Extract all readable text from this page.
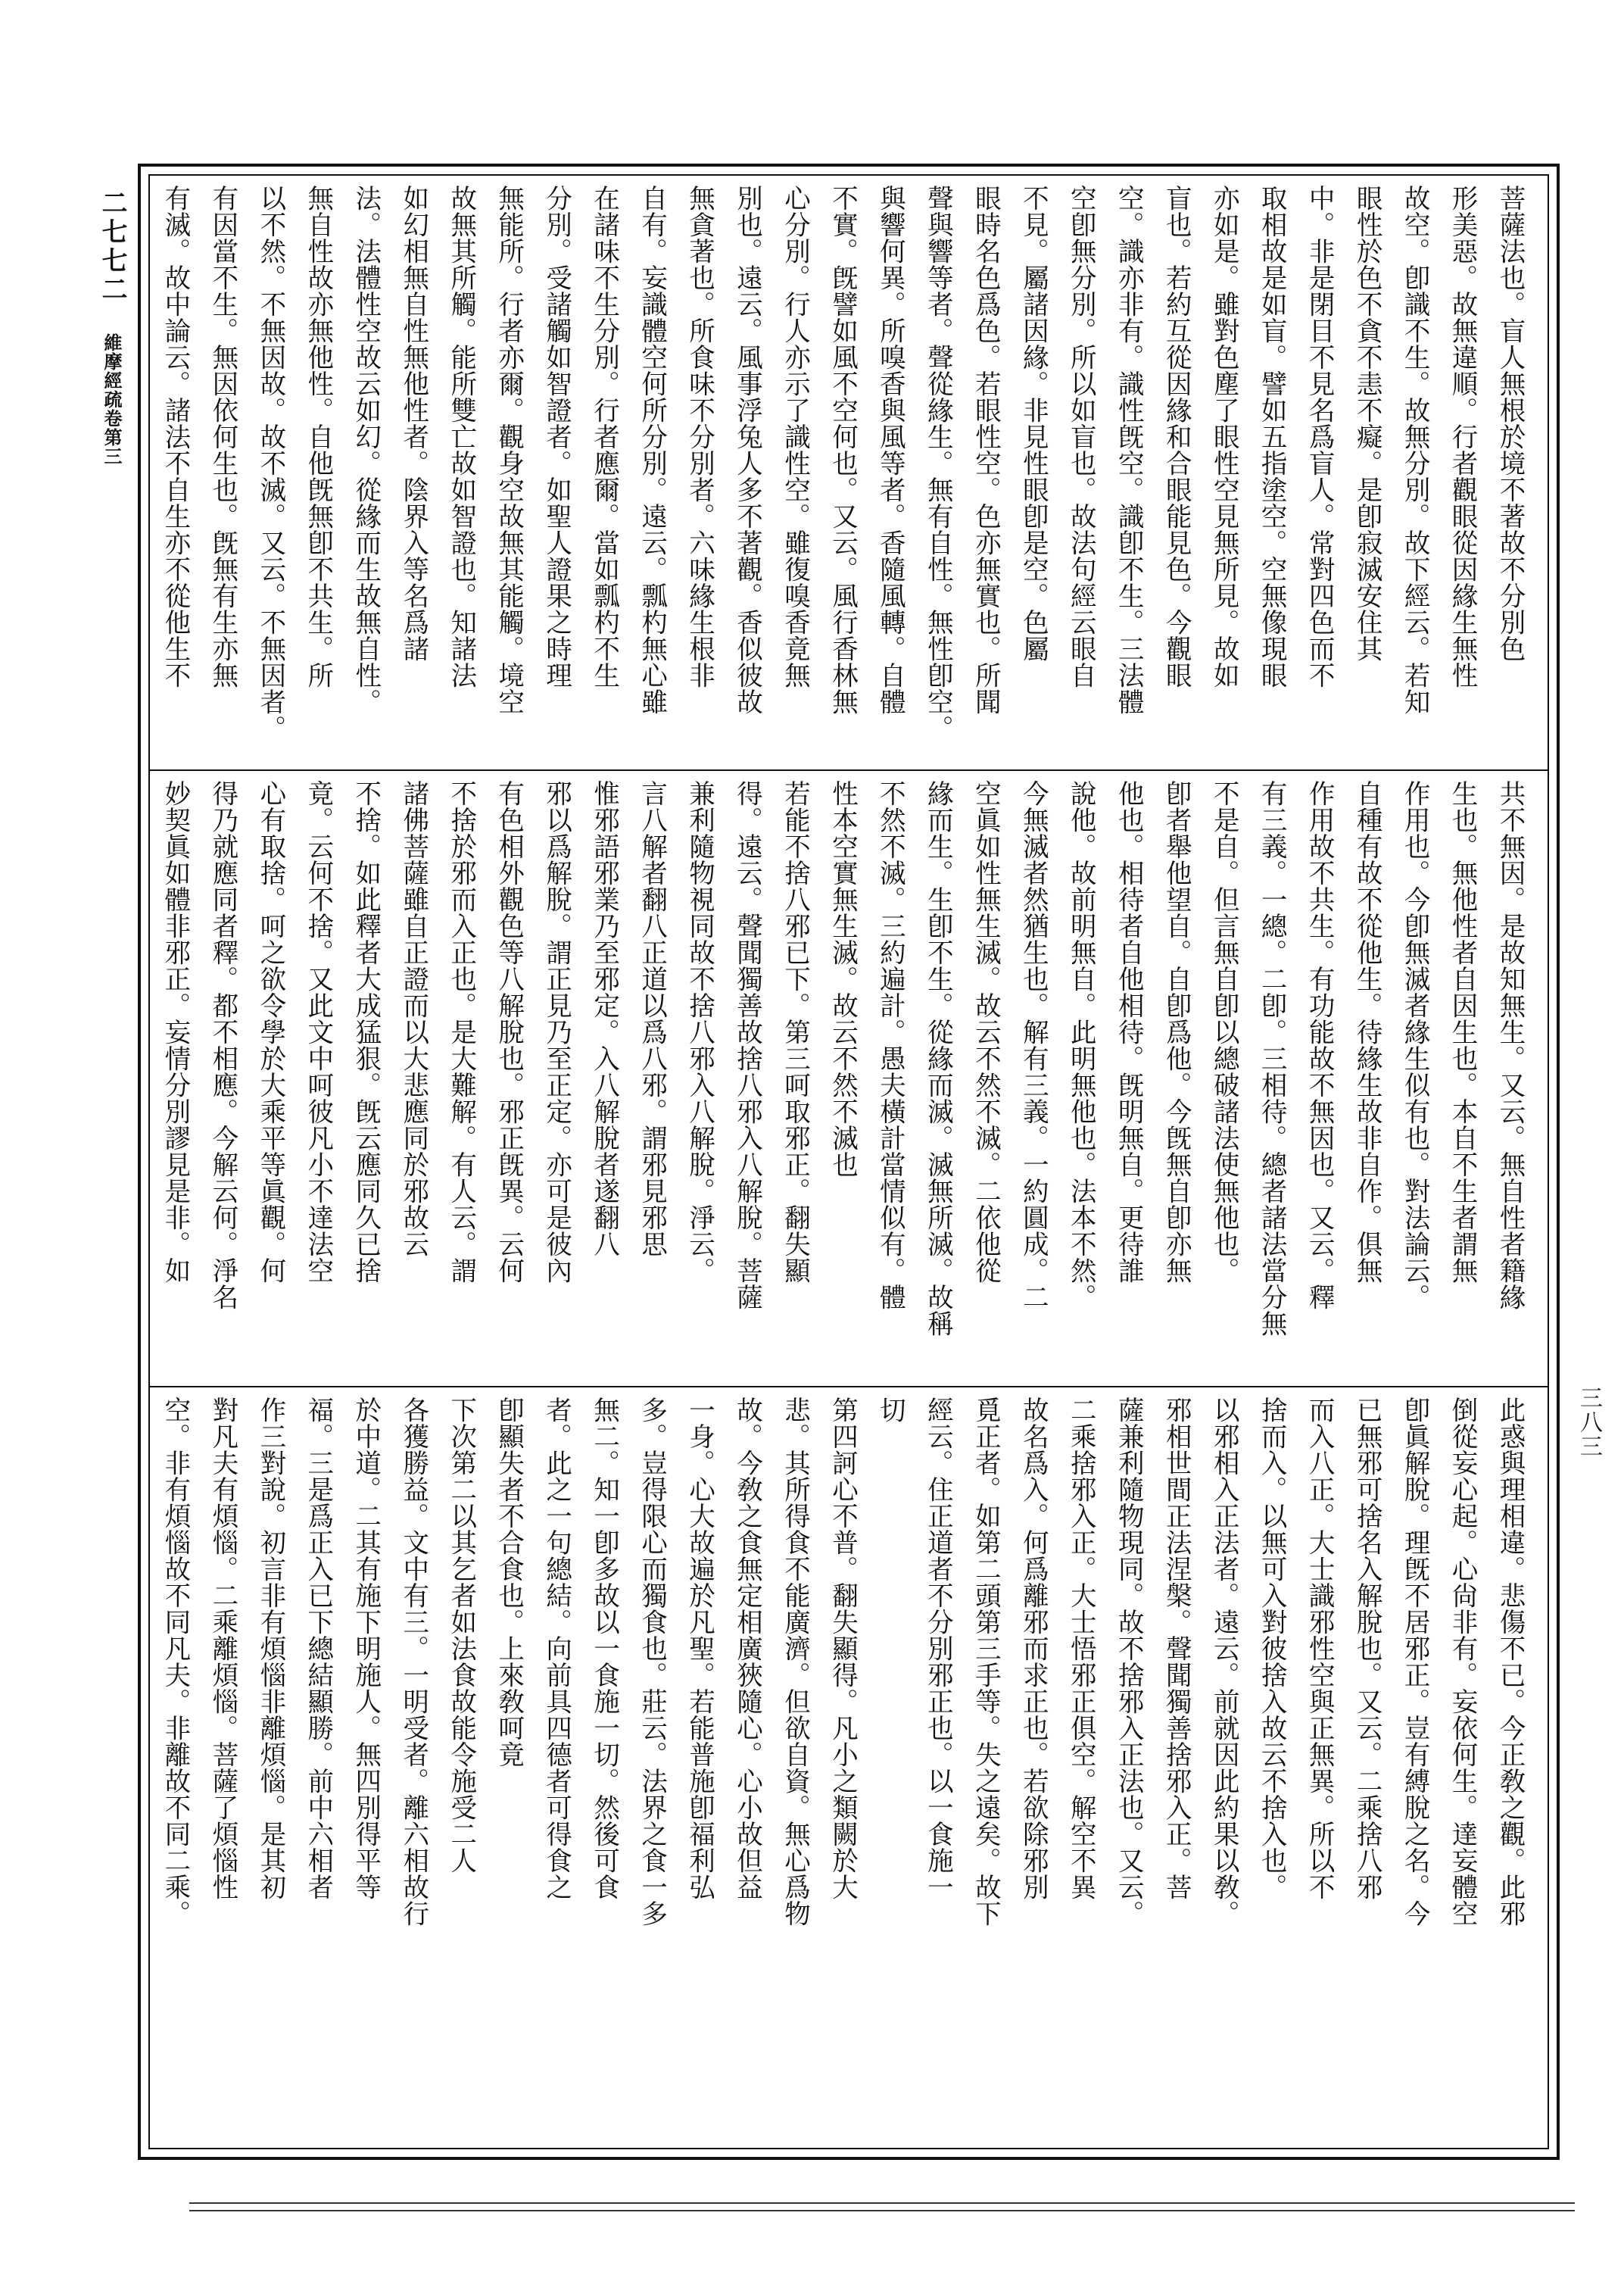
二七七二
維摩經疏卷第三
三八三
菩薩法也。盲人無根於境不著故不分別色
形美惡。故無違順。行者觀眼從因緣生無性
故空。卽識不生。故無分別。故下經云。若知
眼性於色不貪不恚不癡。是卽寂滅安住其
中。非是閉目不見名爲盲人。常對四色而不
取相故是如盲。譬如五指塗空。空無像現眼
亦如是。雖對色塵了眼性空見無所見。故如
盲也。若約互從因緣和合眼能見色。今觀眼
空。識亦非有。識性旣空。識卽不生。三法體
空卽無分別。所以如盲也。故法句經云眼自
不見。屬諸因緣。非見性眼卽是空。色屬
眼時名色爲色。若眼性空。色亦無實也。所聞
聲與響等者。聲從緣生。無有自性。無性卽空。
與響何異。所嗅香與風等者。香隨風轉。自體
不實。旣譬如風不空何也。又云。風行香林無
心分別。行人亦示了識性空。雖復嗅香竟無
別也。遠云。風事浮兔人多不著觀。香似彼故
無貪著也。所食味不分別者。六味緣生根非
自有。妄識體空何所分別。遠云。瓢杓無心雖
在諸味不生分別。行者應爾。當如瓢杓不生
分別。受諸觸如智證者。如聖人證果之時理
無能所。行者亦爾。觀身空故無其能觸。境空
故無其所觸。能所雙亡故如智證也。知諸法
如幻相無自性無他性者。陰界入等名爲諸
法。法體性空故云如幻。從緣而生故無自性。
無自性故亦無他性。自他旣無卽不共生。所
以不然。不無因故。故不滅。又云。不無因者。
有因當不生。無因依何生也。旣無有生亦無
有滅。故中論云。諸法不自生亦不從他生不
共不無因。是故知無生。又云。無自性者籍緣
生也。無他性者自因生也。本自不生者謂無
作用也。今卽無滅者緣生似有也。對法論云。
自種有故不從他生。待緣生故非自作。俱無
作用故不共生。有功能故不無因也。又云。釋
有三義。一總。二卽。三相待。總者諸法當分無
不是自。但言無自卽以總破諸法使無他也。
卽者舉他望自。自卽爲他。今旣無自卽亦無
他也。相待者自他相待。旣明無自。更待誰
說他。故前明無自。此明無他也。法本不然。
今無滅者然猶生也。解有三義。一約圓成。二
空眞如性無生滅。故云不然不滅。二依他從
緣而生。生卽不生。從緣而滅。滅無所滅。故稱
不然不滅。三約遍計。愚夫橫計當情似有。體
性本空實無生滅。故云不然不滅也
若能不捨八邪已下。第三呵取邪正。翻失顯
得。遠云。聲聞獨善故捨八邪入八解脫。菩薩
兼利隨物視同故不捨八邪入八解脫。淨云。
言八解者翻八正道以爲八邪。謂邪見邪思
惟邪語邪業乃至邪定。入八解脫者遂翻八
邪以爲解脫。謂正見乃至正定。亦可是彼內
有色相外觀色等八解脫也。邪正旣異。云何
不捨於邪而入正也。是大難解。有人云。謂
諸佛菩薩雖自正證而以大悲應同於邪故云
不捨。如此釋者大成猛狠。旣云應同久已捨
竟。云何不捨。又此文中呵彼凡小不達法空
心有取捨。呵之欲令學於大乘平等眞觀。何
得乃就應同者釋。都不相應。今解云何。淨名
妙契眞如體非邪正。妄情分別謬見是非。如
此惑與理相違。悲傷不已。今正敎之觀。此邪
倒從妄心起。心尙非有。妄依何生。達妄體空
卽眞解脫。理旣不居邪正。豈有縛脫之名。今
已無邪可捨名入解脫也。又云。二乘捨八邪
而入八正。大士識邪性空與正無異。所以不
捨而入。以無可入對彼捨入故云不捨入也。
以邪相入正法者。遠云。前就因此約果以敎。
邪相世間正法涅槃。聲聞獨善捨邪入正。菩
薩兼利隨物現同。故不捨邪入正法也。又云。
二乘捨邪入正。大士悟邪正俱空。解空不異
故名爲入。何爲離邪而求正也。若欲除邪別
覓正者。如第二頭第三手等。失之遠矣。故下
經云。住正道者不分別邪正也。以一食施一
切
第四訶心不普。翻失顯得。凡小之類闕於大
悲。其所得食不能廣濟。但欲自資。無心爲物
故。今敎之食無定相廣狹隨心。心小故但益
一身。心大故遍於凡聖。若能普施卽福利弘
多。豈得限心而獨食也。莊云。法界之食一多
無二。知一卽多故以一食施一切。然後可食
者。此之一句總結。向前具四德者可得食之
卽顯失者不合食也。上來敎呵竟
下次第二以其乞者如法食故能令施受二人
各獲勝益。文中有三。一明受者。離六相故行
於中道。二其有施下明施人。無四別得平等
福。三是爲正入已下總結顯勝。前中六相者
作三對說。初言非有煩惱非離煩惱。是其初
對凡夫有煩惱。二乘離煩惱。菩薩了煩惱性
空。非有煩惱故不同凡夫。非離故不同二乘。
